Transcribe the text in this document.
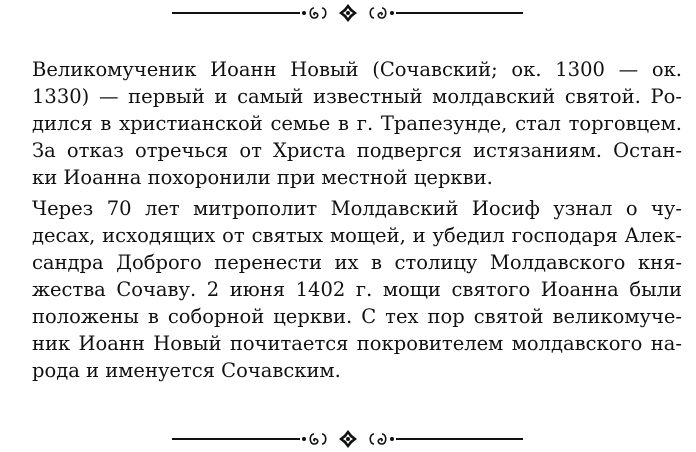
Великомученик Иоанн Новый (Сочавский; ок. 1300 — ок.
1330) — первый и самый известный молдавский святой. Ро-
дился в христианской семье в г. Трапезунде, стал торговцем.
За отказ отречься от Христа подвергся истязаниям. Остан-
ки Иоанна похоронили при местной церкви.

Через 70 лет митрополит Молдавский Иосиф узнал о чу-
десах, исходящих от святых мощей, и убедил господаря Алек-
сандра Доброго перенести их в столицу Молдавского кня-
жества Сочаву. 2 июня 1402 г. мощи святого Иоанна были
положены в соборной церкви. С тех пор святой великомуче-
ник Иоанн Новый почитается покровителем молдавского на-
рода и именуется Сочавским.
